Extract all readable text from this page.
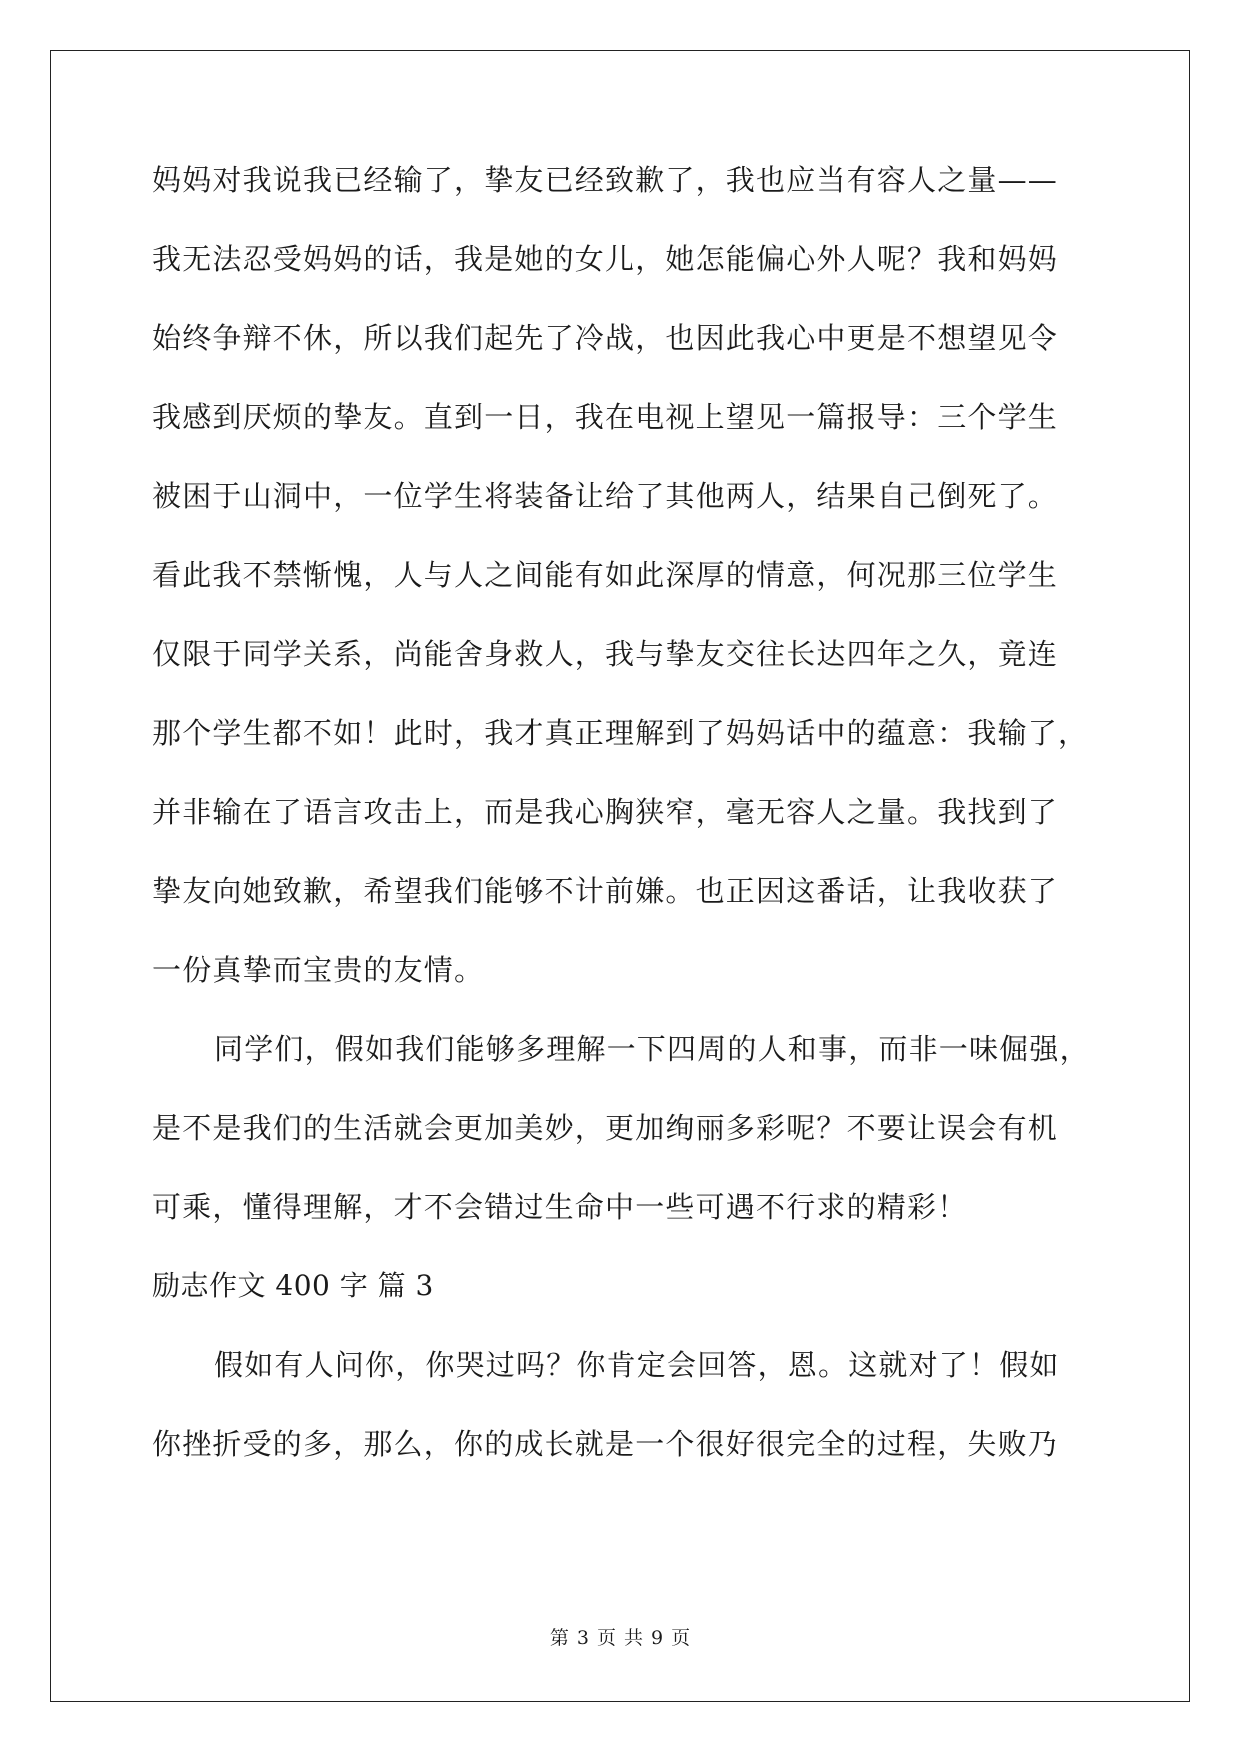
妈妈对我说我已经输了，挚友已经致歉了，我也应当有容人之量——
我无法忍受妈妈的话，我是她的女儿，她怎能偏心外人呢？我和妈妈
始终争辩不休，所以我们起先了冷战，也因此我心中更是不想望见令
我感到厌烦的挚友。直到一日，我在电视上望见一篇报导：三个学生
被困于山洞中，一位学生将装备让给了其他两人，结果自己倒死了。
看此我不禁惭愧，人与人之间能有如此深厚的情意，何况那三位学生
仅限于同学关系，尚能舍身救人，我与挚友交往长达四年之久，竟连
那个学生都不如！此时，我才真正理解到了妈妈话中的蕴意：我输了，
并非输在了语言攻击上，而是我心胸狭窄，毫无容人之量。我找到了
挚友向她致歉，希望我们能够不计前嫌。也正因这番话，让我收获了
一份真挚而宝贵的友情。
同学们，假如我们能够多理解一下四周的人和事，而非一味倔强，
是不是我们的生活就会更加美妙，更加绚丽多彩呢？不要让误会有机
可乘，懂得理解，才不会错过生命中一些可遇不行求的精彩！
励志作文 400 字 篇 3
假如有人问你，你哭过吗？你肯定会回答，恩。这就对了！假如
你挫折受的多，那么，你的成长就是一个很好很完全的过程，失败乃
第 3 页 共 9 页
